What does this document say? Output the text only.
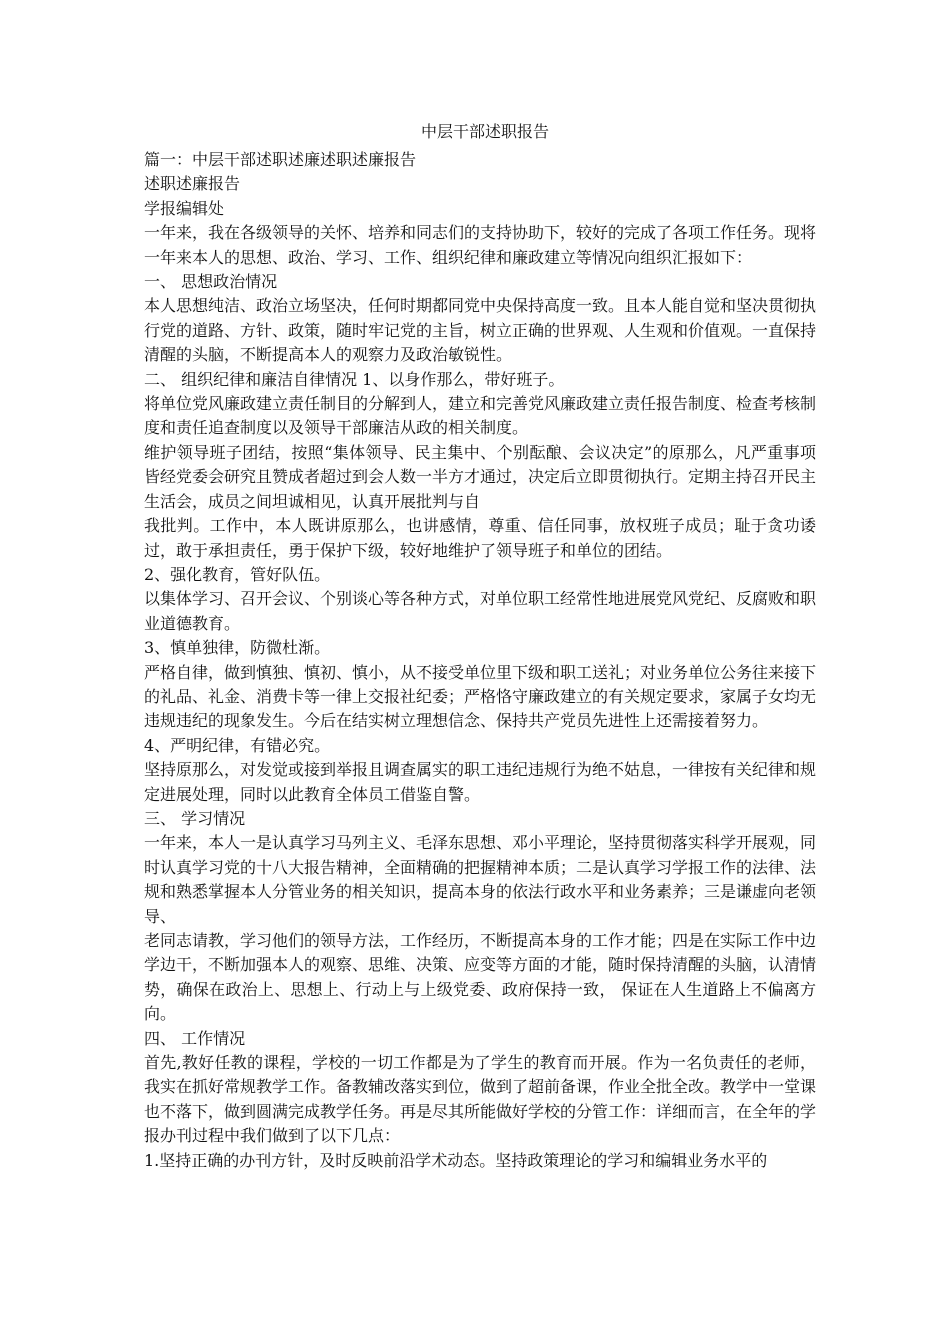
中层干部述职报告

篇一：中层干部述职述廉述职述廉报告

述职述廉报告

学报编辑处

一年来，我在各级领导的关怀、培养和同志们的支持协助下，较好的完成了各项工作任务。现将一年来本人的思想、政治、学习、工作、组织纪律和廉政建立等情况向组织汇报如下：

一、 思想政治情况

本人思想纯洁、政治立场坚决，任何时期都同党中央保持高度一致。且本人能自觉和坚决贯彻执行党的道路、方针、政策，随时牢记党的主旨，树立正确的世界观、人生观和价值观。一直保持清醒的头脑，不断提高本人的观察力及政治敏锐性。

二、 组织纪律和廉洁自律情况 1、以身作那么，带好班子。

将单位党风廉政建立责任制目的分解到人，建立和完善党风廉政建立责任报告制度、检查考核制度和责任追查制度以及领导干部廉洁从政的相关制度。

维护领导班子团结，按照“集体领导、民主集中、个别酝酿、会议决定”的原那么，凡严重事项皆经党委会研究且赞成者超过到会人数一半方才通过，决定后立即贯彻执行。定期主持召开民主生活会，成员之间坦诚相见，认真开展批判与自

我批判。工作中，本人既讲原那么，也讲感情，尊重、信任同事，放权班子成员；耻于贪功诿过，敢于承担责任，勇于保护下级，较好地维护了领导班子和单位的团结。

2、强化教育，管好队伍。

以集体学习、召开会议、个别谈心等各种方式，对单位职工经常性地进展党风党纪、反腐败和职业道德教育。

3、慎单独律，防微杜渐。

严格自律，做到慎独、慎初、慎小，从不接受单位里下级和职工送礼；对业务单位公务往来接下的礼品、礼金、消费卡等一律上交报社纪委；严格恪守廉政建立的有关规定要求，家属子女均无违规违纪的现象发生。今后在结实树立理想信念、保持共产党员先进性上还需接着努力。

4、严明纪律，有错必究。

坚持原那么，对发觉或接到举报且调查属实的职工违纪违规行为绝不姑息，一律按有关纪律和规定进展处理，同时以此教育全体员工借鉴自警。

三、 学习情况

一年来，本人一是认真学习马列主义、毛泽东思想、邓小平理论，坚持贯彻落实科学开展观，同时认真学习党的十八大报告精神，全面精确的把握精神本质；二是认真学习学报工作的法律、法规和熟悉掌握本人分管业务的相关知识，提高本身的依法行政水平和业务素养；三是谦虚向老领导、

老同志请教，学习他们的领导方法，工作经历，不断提高本身的工作才能；四是在实际工作中边学边干，不断加强本人的观察、思维、决策、应变等方面的才能，随时保持清醒的头脑，认清情势，确保在政治上、思想上、行动上与上级党委、政府保持一致， 保证在人生道路上不偏离方向。

四、 工作情况

首先,教好任教的课程，学校的一切工作都是为了学生的教育而开展。作为一名负责任的老师，我实在抓好常规教学工作。备教辅改落实到位，做到了超前备课，作业全批全改。教学中一堂课也不落下，做到圆满完成教学任务。再是尽其所能做好学校的分管工作：详细而言，在全年的学报办刊过程中我们做到了以下几点：

1.坚持正确的办刊方针，及时反映前沿学术动态。坚持政策理论的学习和编辑业务水平的
